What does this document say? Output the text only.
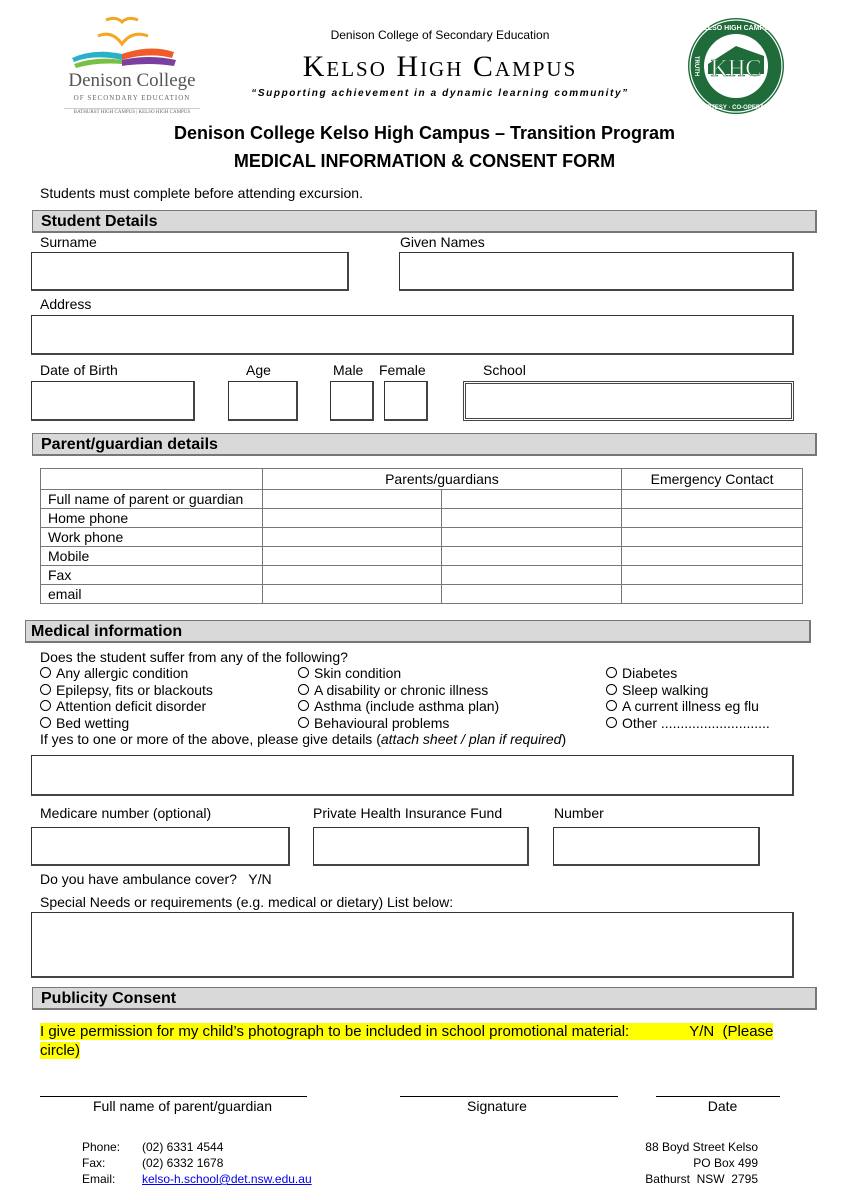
Denison College
OF SECONDARY EDUCATION
BATHURST HIGH CAMPUS | KELSO HIGH CAMPUS
Denison College of Secondary Education
Kelso High Campus
“Supporting achievement in a dynamic learning community”
KHC
KELSO HIGH CAMPUS
COURTESY · CO-OPERATION
TRUTH
Denison College Kelso High Campus – Transition Program
MEDICAL INFORMATION & CONSENT FORM
Students must complete before attending excursion.
Student Details
Surname	Given Names
Address
Date of Birth	Age	Male Female	School
Parent/guardian details
	Parents/guardians		Emergency Contact
Full name of parent or guardian			
Home phone			
Work phone			
Mobile			
Fax			
email			
Medical information
Does the student suffer from any of the following?
Any allergic condition	Skin condition	Diabetes
Epilepsy, fits or blackouts	A disability or chronic illness	Sleep walking
Attention deficit disorder	Asthma (include asthma plan)	A current illness eg flu
Bed wetting	Behavioural problems	Other ............................
If yes to one or more of the above, please give details (attach sheet / plan if required)
Medicare number (optional)	Private Health Insurance Fund	Number
Do you have ambulance cover?   Y/N
Special Needs or requirements (e.g. medical or dietary) List below:
Publicity Consent
I give permission for my child’s photograph to be included in school promotional material:	Y/N  (Please
circle)
Full name of parent/guardian	Signature	Date
Phone: (02) 6331 4544
Fax:	(02) 6332 1678
Email: kelso-h.school@det.nsw.edu.au
88 Boyd Street Kelso
PO Box 499
Bathurst  NSW  2795
